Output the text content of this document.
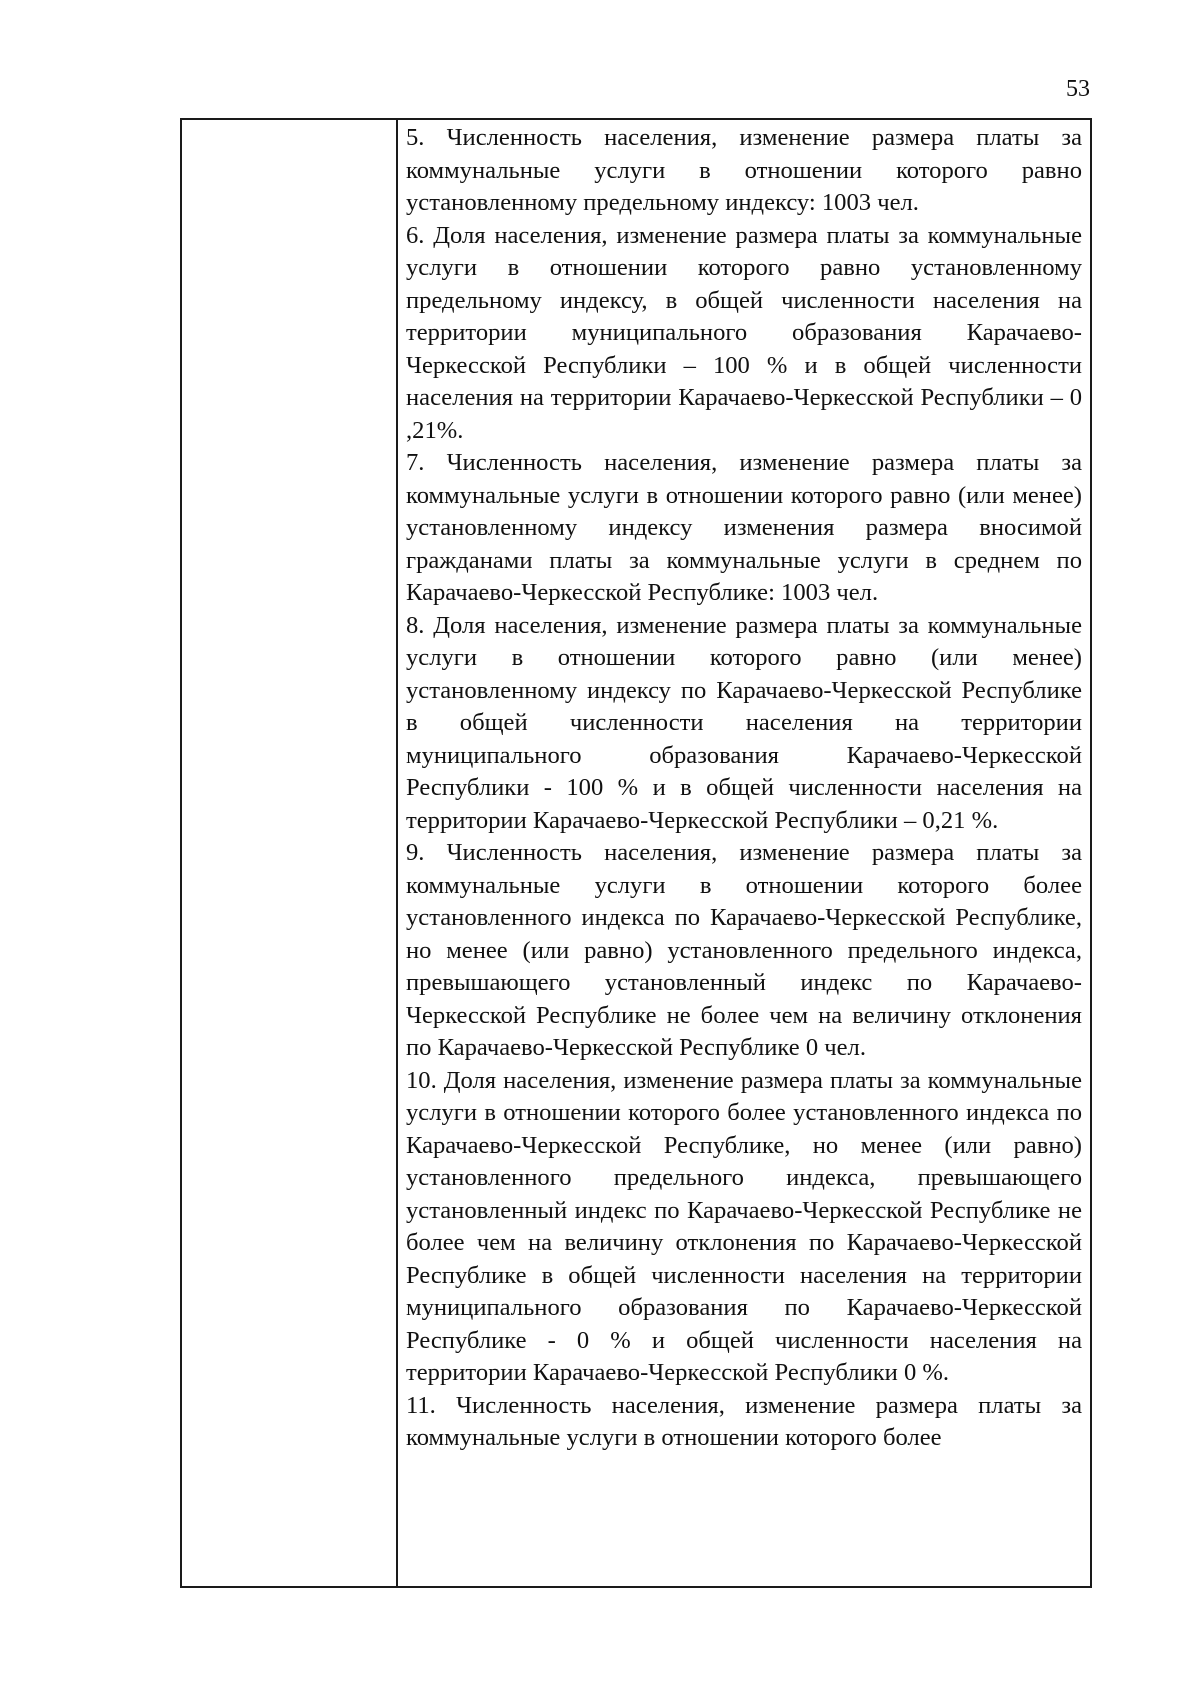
53

5. Численность населения, изменение размера платы за коммунальные услуги в отношении которого равно установленному предельному индексу: 1003 чел.

6. Доля населения, изменение размера платы за коммунальные услуги в отношении которого равно установленному предельному индексу, в общей численности населения на территории муниципального образования Карачаево-Черкесской Республики – 100 % и в общей численности населения на территории Карачаево-Черкесской Республики – 0 ,21%.

7. Численность населения, изменение размера платы за коммунальные услуги в отношении которого равно (или менее) установленному индексу изменения размера вносимой гражданами платы за коммунальные услуги в среднем по Карачаево-Черкесской Республике: 1003 чел.

8. Доля населения, изменение размера платы за коммунальные услуги в отношении которого равно (или менее) установленному индексу по Карачаево-Черкесской Республике в общей численности населения на территории муниципального образования Карачаево-Черкесской Республики - 100 % и в общей численности населения на территории Карачаево-Черкесской Республики – 0,21 %.

9. Численность населения, изменение размера платы за коммунальные услуги в отношении которого более установленного индекса по Карачаево-Черкесской Республике, но менее (или равно) установленного предельного индекса, превышающего установленный индекс по Карачаево-Черкесской Республике не более чем на величину отклонения по Карачаево-Черкесской Республике 0 чел.

10. Доля населения, изменение размера платы за коммунальные услуги в отношении которого более установленного индекса по Карачаево-Черкесской Республике, но менее (или равно) установленного предельного индекса, превышающего установленный индекс по Карачаево-Черкесской Республике не более чем на величину отклонения по Карачаево-Черкесской Республике в общей численности населения на территории муниципального образования по Карачаево-Черкесской Республике - 0 % и общей численности населения на территории Карачаево-Черкесской Республики 0 %.

11. Численность населения, изменение размера платы за коммунальные услуги в отношении которого более
